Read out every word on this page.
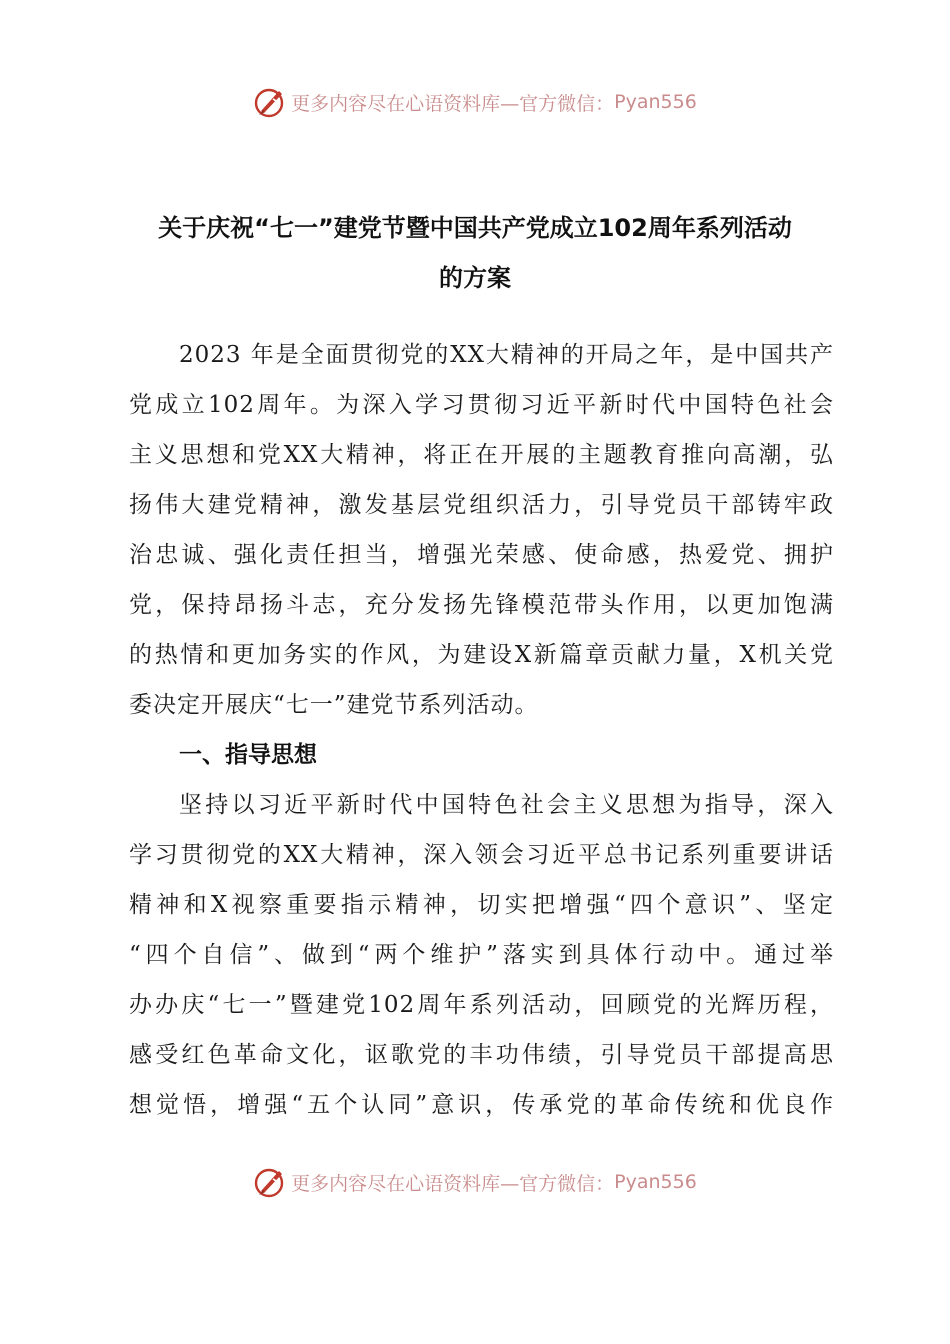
更多内容尽在心语资料库—官方微信： Pyan556
关于庆祝“七一”建党节暨中国共产党成立102周年系列活动
的方案
2023 年是全面贯彻党的XX大精神的开局之年，是中国共产
党成立102周年。为深入学习贯彻习近平新时代中国特色社会
主义思想和党XX大精神，将正在开展的主题教育推向高潮，弘
扬伟大建党精神，激发基层党组织活力，引导党员干部铸牢政
治忠诚、强化责任担当，增强光荣感、使命感，热爱党、拥护
党，保持昂扬斗志，充分发扬先锋模范带头作用，以更加饱满
的热情和更加务实的作风，为建设X新篇章贡献力量，X机关党
委决定开展庆“七一”建党节系列活动。
一、指导思想
坚持以习近平新时代中国特色社会主义思想为指导，深入
学习贯彻党的XX大精神，深入领会习近平总书记系列重要讲话
精神和X视察重要指示精神，切实把增强“四个意识”、坚定
“四个自信”、做到“两个维护”落实到具体行动中。通过举
办办庆“七一”暨建党102周年系列活动，回顾党的光辉历程，
感受红色革命文化，讴歌党的丰功伟绩，引导党员干部提高思
想觉悟，增强“五个认同”意识，传承党的革命传统和优良作
更多内容尽在心语资料库—官方微信： Pyan556
